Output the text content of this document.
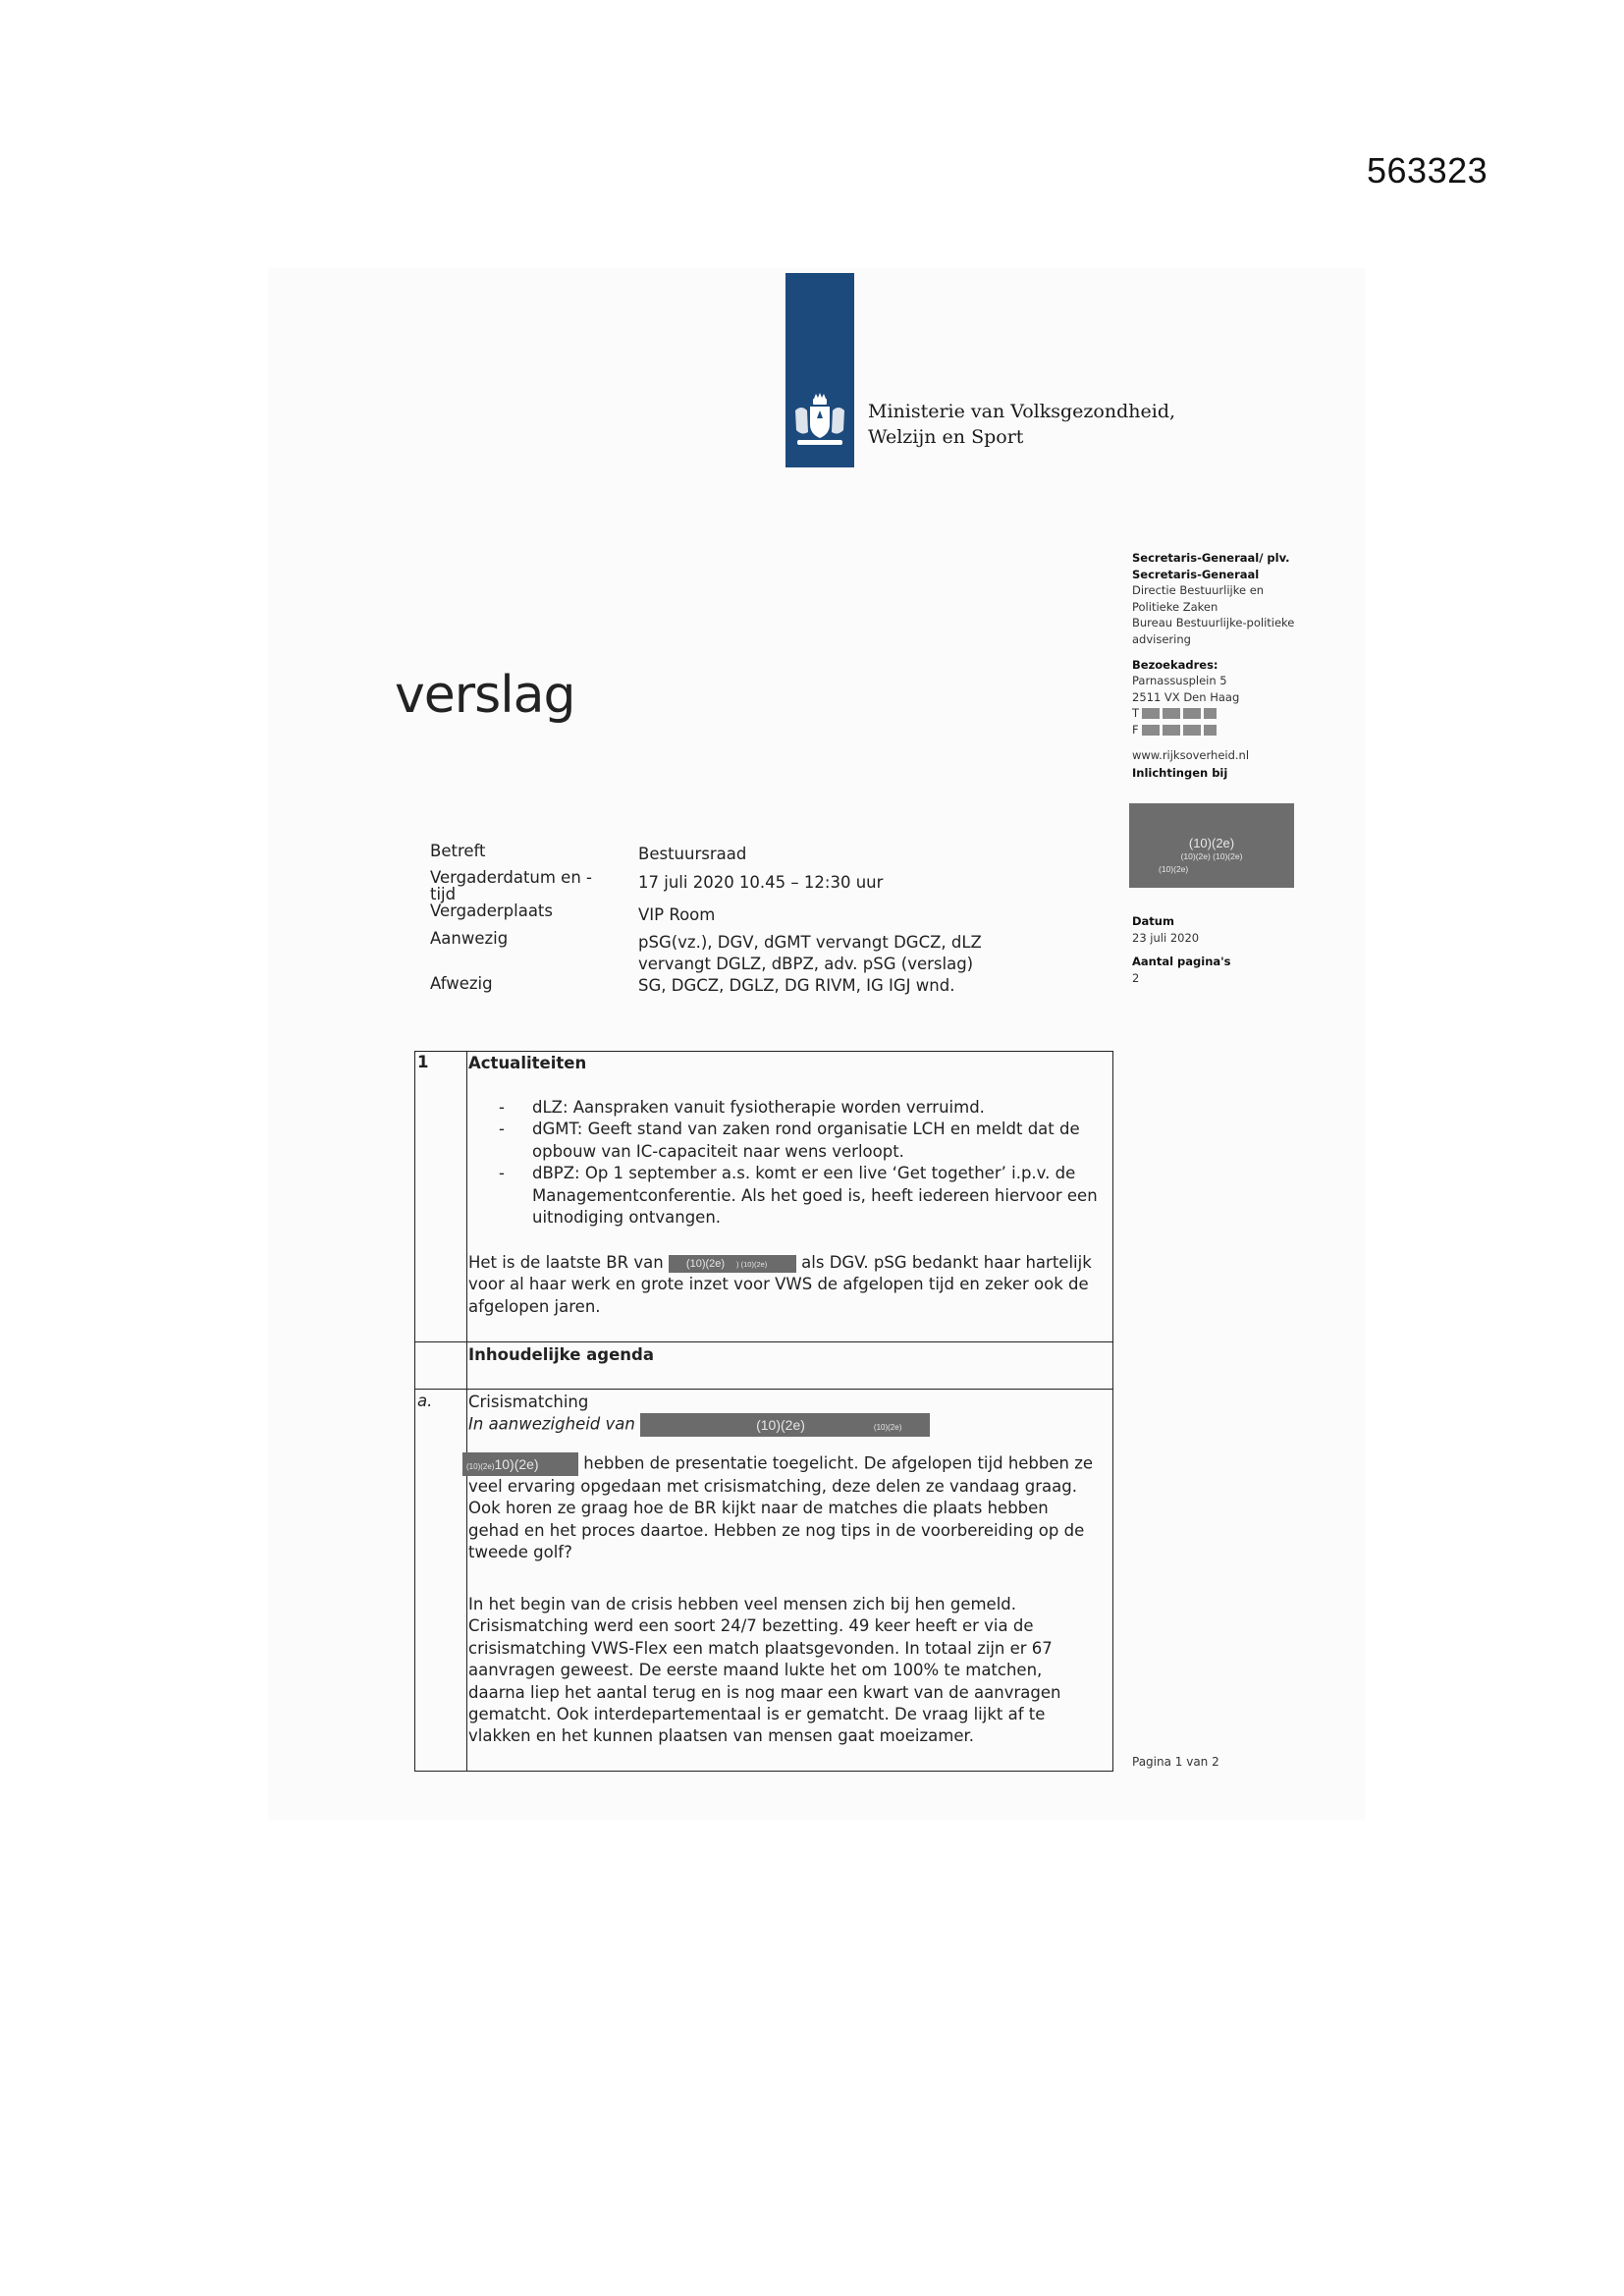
563323
Ministerie van Volksgezondheid,
Welzijn en Sport
verslag
Secretaris-Generaal/ plv.
Secretaris-Generaal
Directie Bestuurlijke en
Politieke Zaken
Bureau Bestuurlijke-politieke
advisering
Bezoekadres:
Parnassusplein 5
2511 VX Den Haag
T
F
www.rijksoverheid.nl
Inlichtingen bij
(10)(2e)
(10)(2e) (10)(2e)
(10)(2e)
Datum
23 juli 2020
Aantal pagina's
2
Betreft	Bestuursraad
Vergaderdatum en -
tijd
17 juli 2020 10.45 – 12:30 uur
Vergaderplaats	VIP Room
Aanwezig	pSG(vz.), DGV, dGMT vervangt DGCZ, dLZ
vervangt DGLZ, dBPZ, adv. pSG (verslag)
Afwezig	SG, DGCZ, DGLZ, DG RIVM, IG IGJ wnd.
1 Actualiteiten
- dLZ: Aanspraken vanuit fysiotherapie worden verruimd.
- dGMT: Geeft stand van zaken rond organisatie LCH en meldt dat de
opbouw van IC-capaciteit naar wens verloopt.
- dBPZ: Op 1 september a.s. komt er een live ‘Get together’ i.p.v. de
Managementconferentie. Als het goed is, heeft iedereen hiervoor een
uitnodiging ontvangen.
Het is de laatste BR van (10)(2e) ) (10)(2e) als DGV. pSG bedankt haar hartelijk
voor al haar werk en grote inzet voor VWS de afgelopen tijd en zeker ook de
afgelopen jaren.
Inhoudelijke agenda
a. Crisismatching
In aanwezigheid van	(10)(2e)	(10)(2e)
(10)(2e)10)(2e)	hebben de presentatie toegelicht. De afgelopen tijd hebben ze
veel ervaring opgedaan met crisismatching, deze delen ze vandaag graag.
Ook horen ze graag hoe de BR kijkt naar de matches die plaats hebben
gehad en het proces daartoe. Hebben ze nog tips in de voorbereiding op de
tweede golf?
In het begin van de crisis hebben veel mensen zich bij hen gemeld.
Crisismatching werd een soort 24/7 bezetting. 49 keer heeft er via de
crisismatching VWS-Flex een match plaatsgevonden. In totaal zijn er 67
aanvragen geweest. De eerste maand lukte het om 100% te matchen,
daarna liep het aantal terug en is nog maar een kwart van de aanvragen
gematcht. Ook interdepartementaal is er gematcht. De vraag lijkt af te
vlakken en het kunnen plaatsen van mensen gaat moeizamer.
Pagina 1 van 2
